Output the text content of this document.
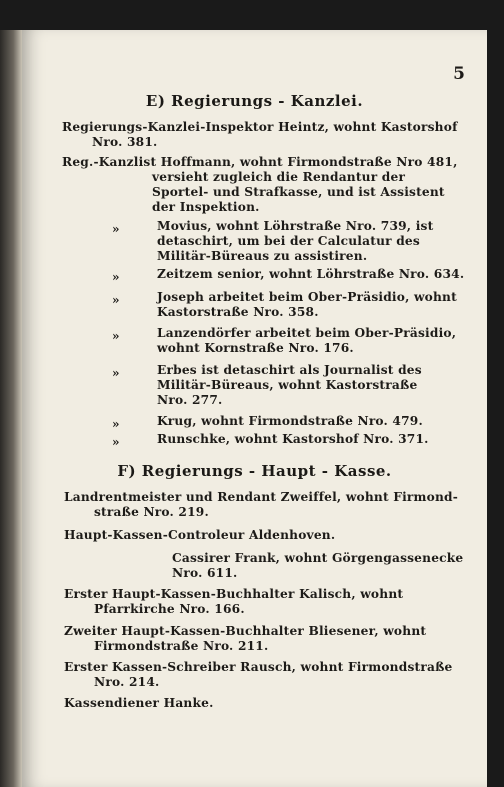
5
E) Regierungs - Kanzlei.
Regierungs-Kanzlei-Inspektor Heintz, wohnt Kastorshof
Nro. 381.
Reg.-Kanzlist Hoffmann, wohnt Firmondstraße Nro 481,
versieht zugleich die Rendantur der
Sportel- und Strafkasse, und ist Assistent
der Inspektion.
»	Movius, wohnt Löhrstraße Nro. 739, ist
detaschirt, um bei der Calculatur des
Militär-Büreaus zu assistiren.
»	Zeitzem senior, wohnt Löhrstraße Nro. 634.
»	Joseph arbeitet beim Ober-Präsidio, wohnt
Kastorstraße Nro. 358.
»	Lanzendörfer arbeitet beim Ober-Präsidio,
wohnt Kornstraße Nro. 176.
»	Erbes ist detaschirt als Journalist des
Militär-Büreaus, wohnt Kastorstraße
Nro. 277.
»	Krug, wohnt Firmondstraße Nro. 479.
»	Runschke, wohnt Kastorshof Nro. 371.
F) Regierungs - Haupt - Kasse.
Landrentmeister und Rendant Zweiffel, wohnt Firmond-
straße Nro. 219.
Haupt-Kassen-Controleur Aldenhoven.
Cassirer Frank, wohnt Görgengassenecke
Nro. 611.
Erster Haupt-Kassen-Buchhalter Kalisch, wohnt
Pfarrkirche Nro. 166.
Zweiter Haupt-Kassen-Buchhalter Bliesener, wohnt
Firmondstraße Nro. 211.
Erster Kassen-Schreiber Rausch, wohnt Firmondstraße
Nro. 214.
Kassendiener Hanke.
